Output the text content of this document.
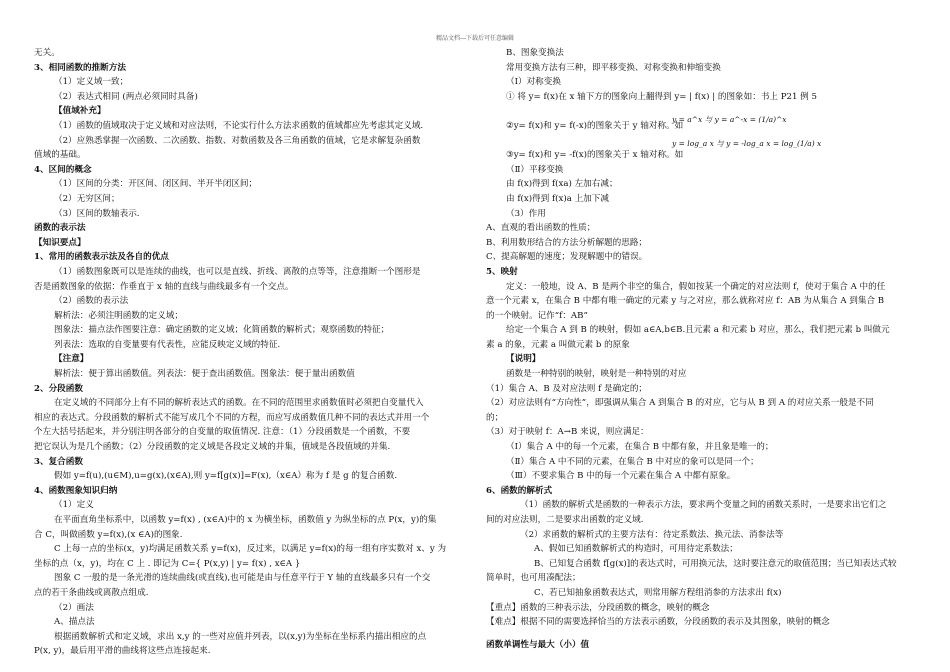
精品文档---下载后可任意编辑
无关。
3、相同函数的推断方法
（1）定义域一致；
（2）表达式相同 (两点必须同时具备)
【值域补充】
（1）函数的值域取决于定义域和对应法则，不论实行什么方法求函数的值域都应先考虑其定义域.
（2）应熟悉掌握一次函数、二次函数、指数、对数函数及各三角函数的值域，它是求解复杂函数
值域的基础。
4、区间的概念
（1）区间的分类：开区间、闭区间、半开半闭区间；
（2）无穷区间；
（3）区间的数轴表示.
函数的表示法
【知识要点】
1、常用的函数表示法及各自的优点
（1）函数图象既可以是连续的曲线，也可以是直线、折线、离散的点等等，注意推断一个图形是
否是函数图象的依据：作垂直于 x 轴的直线与曲线最多有一个交点。
（2）函数的表示法
解析法：必须注明函数的定义域；
图象法：描点法作图要注意：确定函数的定义域；化简函数的解析式；观察函数的特征；
列表法：选取的自变量要有代表性，应能反映定义域的特征.
【注意】
解析法：便于算出函数值。列表法：便于查出函数值。图象法：便于量出函数值
2、分段函数
在定义域的不同部分上有不同的解析表达式的函数。在不同的范围里求函数值时必须把自变量代入
相应的表达式。分段函数的解析式不能写成几个不同的方程，而应写成函数值几种不同的表达式并用一个
个左大括号括起来，并分别注明各部分的自变量的取值情况. 注意：（1）分段函数是一个函数，不要
把它误认为是几个函数；（2）分段函数的定义域是各段定义域的并集，值域是各段值域的并集.
3、复合函数
假如 y=f(u),(u∈M),u=g(x),(x∈A),则 y=f[g(x)]=F(x),（x∈A）称为 f 是 g 的复合函数.
4、函数图象知识归纳
（1）定义
在平面直角坐标系中，以函数 y=f(x) , (x∈A)中的 x 为横坐标，函数值 y 为纵坐标的点 P(x，y)的集
合 C，叫做函数 y=f(x),(x ∈A)的图象.
C 上每一点的坐标(x，y)均满足函数关系 y=f(x)，反过来，以满足 y=f(x)的每一组有序实数对 x、y 为
坐标的点（x，y)，均在 C 上 . 即记为 C={ P(x,y) | y= f(x) , x∈A }
图象 C 一般的是一条光滑的连续曲线(或直线),也可能是由与任意平行于 Y 轴的直线最多只有一个交
点的若干条曲线或离散点组成.
（2）画法
A、描点法
根据函数解析式和定义域，求出 x,y 的一些对应值并列表，以(x,y)为坐标在坐标系内描出相应的点
P(x, y)，最后用平滑的曲线将这些点连接起来.
B、图象变换法
常用变换方法有三种，即平移变换、对称变换和伸缩变换
（Ⅰ）对称变换
① 将 y= f(x)在 x 轴下方的图象向上翻得到 y= | f(x) | 的图象如：书上 P21 例 5
②y= f(x)和 y= f(-x)的图象关于 y 轴对称。如
③y= f(x)和 y= -f(x)的图象关于 x 轴对称。如
（Ⅱ）平移变换
由 f(x)得到 f(xa) 左加右减；
由 f(x)得到 f(x)a 上加下减
（3）作用
A、直观的看出函数的性质；
B、利用数形结合的方法分析解题的思路；
C、提高解题的速度；发现解题中的错误。
5、映射
定义：一般地，设 A、B 是两个非空的集合，假如按某一个确定的对应法则 f，使对于集合 A 中的任
意一个元素 x，在集合 B 中都有唯一确定的元素 y 与之对应，那么就称对应 f：AB 为从集合 A 到集合 B
的一个映射。记作“f：AB”
给定一个集合 A 到 B 的映射，假如 a∈A,b∈B.且元素 a 和元素 b 对应，那么，我们把元素 b 叫做元
素 a 的象，元素 a 叫做元素 b 的原象
【说明】
函数是一种特别的映射，映射是一种特别的对应
（1）集合 A、B 及对应法则 f 是确定的；
（2）对应法则有“方向性”，即强调从集合 A 到集合 B 的对应，它与从 B 到 A 的对应关系一般是不同
的；
（3）对于映射 f：A→B 来说，则应满足：
（Ⅰ）集合 A 中的每一个元素，在集合 B 中都有象，并且象是唯一的；
（Ⅱ）集合 A 中不同的元素，在集合 B 中对应的象可以是同一个；
（Ⅲ）不要求集合 B 中的每一个元素在集合 A 中都有原象。
6、函数的解析式
（1）函数的解析式是函数的一种表示方法，要求两个变量之间的函数关系时，一是要求出它们之
间的对应法则，二是要求出函数的定义域.
（2）求函数的解析式的主要方法有：待定系数法、换元法、消参法等
A、假如已知函数解析式的构造时，可用待定系数法；
B、已知复合函数 f[g(x)]的表达式时，可用换元法，这时要注意元的取值范围；当已知表达式较
简单时，也可用凑配法；
C、若已知抽象函数表达式，则常用解方程组消参的方法求出 f(x)
【重点】函数的三种表示法，分段函数的概念，映射的概念
【难点】根据不同的需要选择恰当的方法表示函数，分段函数的表示及其图象，映射的概念
函数单调性与最大（小）值
y = a^x 与 y = a^-x = (1/a)^x
y = log_a x 与 y = -log_a x = log_(1/a) x
